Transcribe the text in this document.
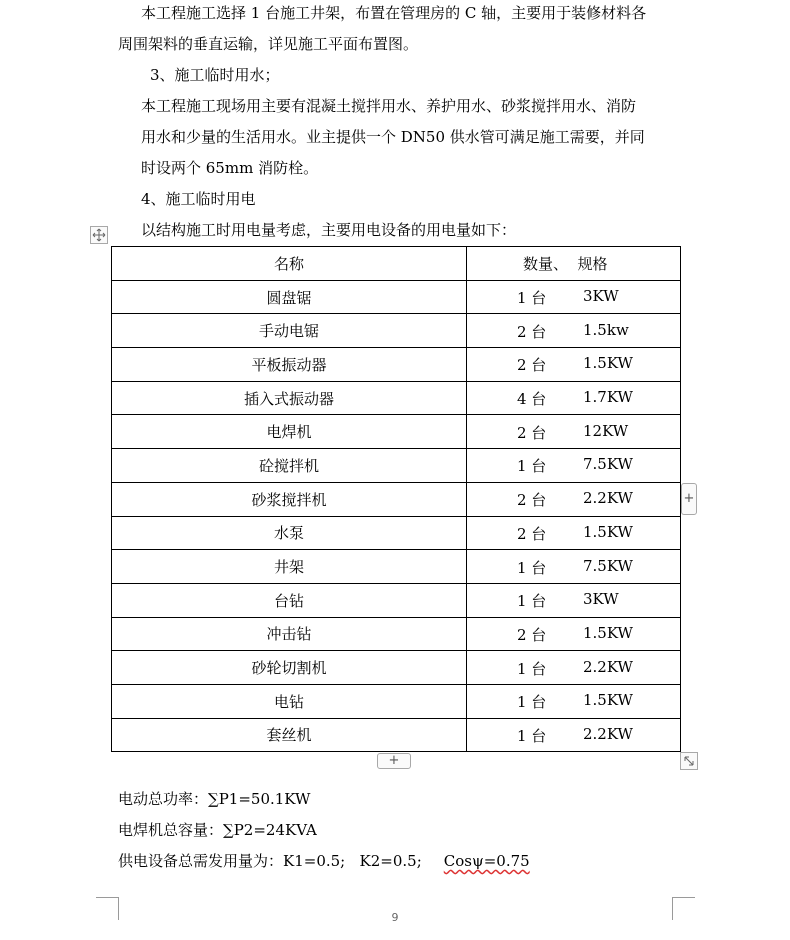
本工程施工选择 1 台施工井架，布置在管理房的 C 轴，主要用于装修材料各
周围架料的垂直运输，详见施工平面布置图。
3、施工临时用水；
本工程施工现场用主要有混凝土搅拌用水、养护用水、砂浆搅拌用水、消防
用水和少量的生活用水。业主提供一个 DN50 供水管可满足施工需要，并同
时设两个 65mm 消防栓。
4、施工临时用电
以结构施工时用电量考虑，主要用电设备的用电量如下：
名称	数量、  规格

圆盘锯	1 台 3KW

手动电锯	2 台 1.5kw

平板振动器	2 台 1.5KW

插入式振动器	4 台 1.7KW

电焊机	2 台 12KW

砼搅拌机	1 台 7.5KW

砂浆搅拌机	2 台 2.2KW

水泵	2 台 1.5KW

井架	1 台 7.5KW

台钻	1 台 3KW

冲击钻	2 台 1.5KW

砂轮切割机	1 台 2.2KW

电钻	1 台 1.5KW

套丝机	1 台 2.2KW
+
+
电动总功率：∑P1=50.1KW
电焊机总容量：∑P2=24KVA
供电设备总需发用量为：K1=0.5;   K2=0.5; Cosψ=0.75
9
